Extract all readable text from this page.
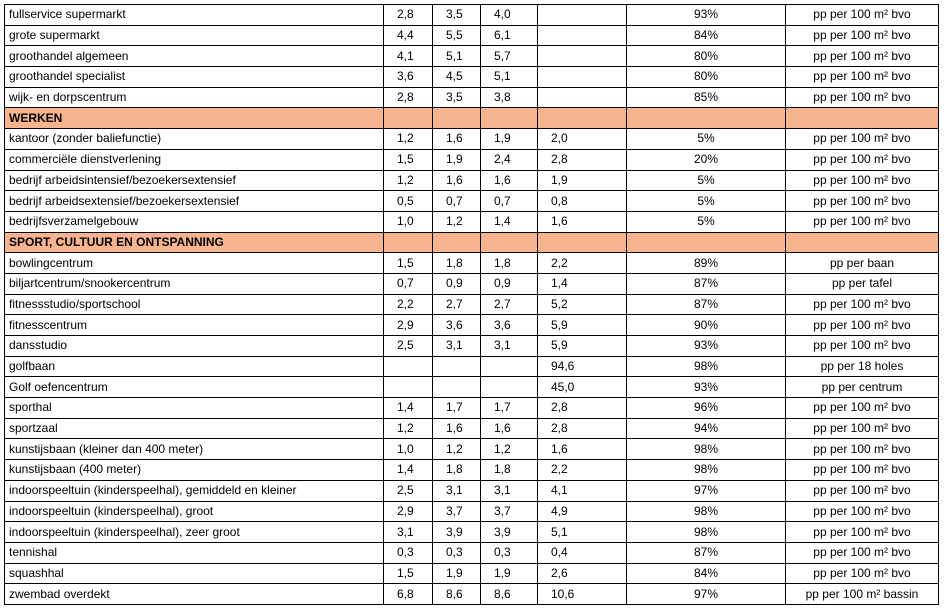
fullservice supermarkt	2,8	3,5	4,0		93%	pp per 100 m² bvo
grote supermarkt	4,4	5,5	6,1		84%	pp per 100 m² bvo
groothandel algemeen	4,1	5,1	5,7		80%	pp per 100 m² bvo
groothandel specialist	3,6	4,5	5,1		80%	pp per 100 m² bvo
wijk- en dorpscentrum	2,8	3,5	3,8		85%	pp per 100 m² bvo
WERKEN						
kantoor (zonder baliefunctie)	1,2	1,6	1,9	2,0	5%	pp per 100 m² bvo
commerciële dienstverlening	1,5	1,9	2,4	2,8	20%	pp per 100 m² bvo
bedrijf arbeidsintensief/bezoekersextensief	1,2	1,6	1,6	1,9	5%	pp per 100 m² bvo
bedrijf arbeidsextensief/bezoekersextensief	0,5	0,7	0,7	0,8	5%	pp per 100 m² bvo
bedrijfsverzamelgebouw	1,0	1,2	1,4	1,6	5%	pp per 100 m² bvo
SPORT, CULTUUR EN ONTSPANNING						
bowlingcentrum	1,5	1,8	1,8	2,2	89%	pp per baan
biljartcentrum/snookercentrum	0,7	0,9	0,9	1,4	87%	pp per tafel
fitnessstudio/sportschool	2,2	2,7	2,7	5,2	87%	pp per 100 m² bvo
fitnesscentrum	2,9	3,6	3,6	5,9	90%	pp per 100 m² bvo
dansstudio	2,5	3,1	3,1	5,9	93%	pp per 100 m² bvo
golfbaan				94,6	98%	pp per 18 holes
Golf oefencentrum				45,0	93%	pp per centrum
sporthal	1,4	1,7	1,7	2,8	96%	pp per 100 m² bvo
sportzaal	1,2	1,6	1,6	2,8	94%	pp per 100 m² bvo
kunstijsbaan (kleiner dan 400 meter)	1,0	1,2	1,2	1,6	98%	pp per 100 m² bvo
kunstijsbaan (400 meter)	1,4	1,8	1,8	2,2	98%	pp per 100 m² bvo
indoorspeeltuin (kinderspeelhal), gemiddeld en kleiner	2,5	3,1	3,1	4,1	97%	pp per 100 m² bvo
indoorspeeltuin (kinderspeelhal), groot	2,9	3,7	3,7	4,9	98%	pp per 100 m² bvo
indoorspeeltuin (kinderspeelhal), zeer groot	3,1	3,9	3,9	5,1	98%	pp per 100 m² bvo
tennishal	0,3	0,3	0,3	0,4	87%	pp per 100 m² bvo
squashhal	1,5	1,9	1,9	2,6	84%	pp per 100 m² bvo
zwembad overdekt	6,8	8,6	8,6	10,6	97%	pp per 100 m² bassin
